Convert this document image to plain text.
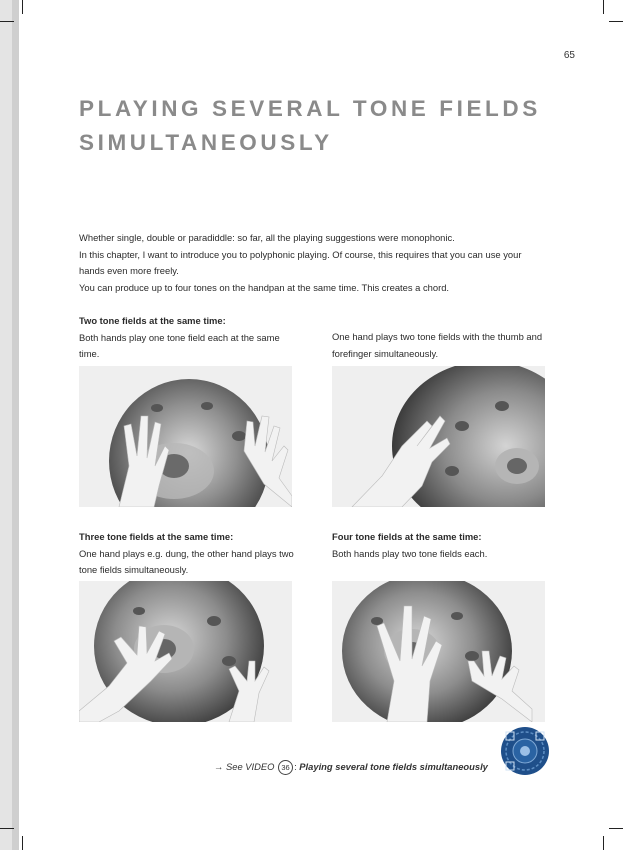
65
PLAYING SEVERAL TONE FIELDS SIMULTANEOUSLY

Whether single, double or paradiddle: so far, all the playing suggestions were monophonic.

In this chapter, I want to introduce you to polyphonic playing. Of course, this requires that you can use your hands even more freely.

You can produce up to four tones on the handpan at the same time. This creates a chord.

Two tone fields at the same time:
Both hands play one tone field each at the same time.
One hand plays two tone fields with the thumb and forefinger simultaneously.
Three tone fields at the same time:
One hand plays e.g. dung, the other hand plays two tone fields simultaneously.
Four tone fields at the same time:
Both hands play two tone fields each.
→ See VIDEO 36 : Playing several tone fields simultaneously
